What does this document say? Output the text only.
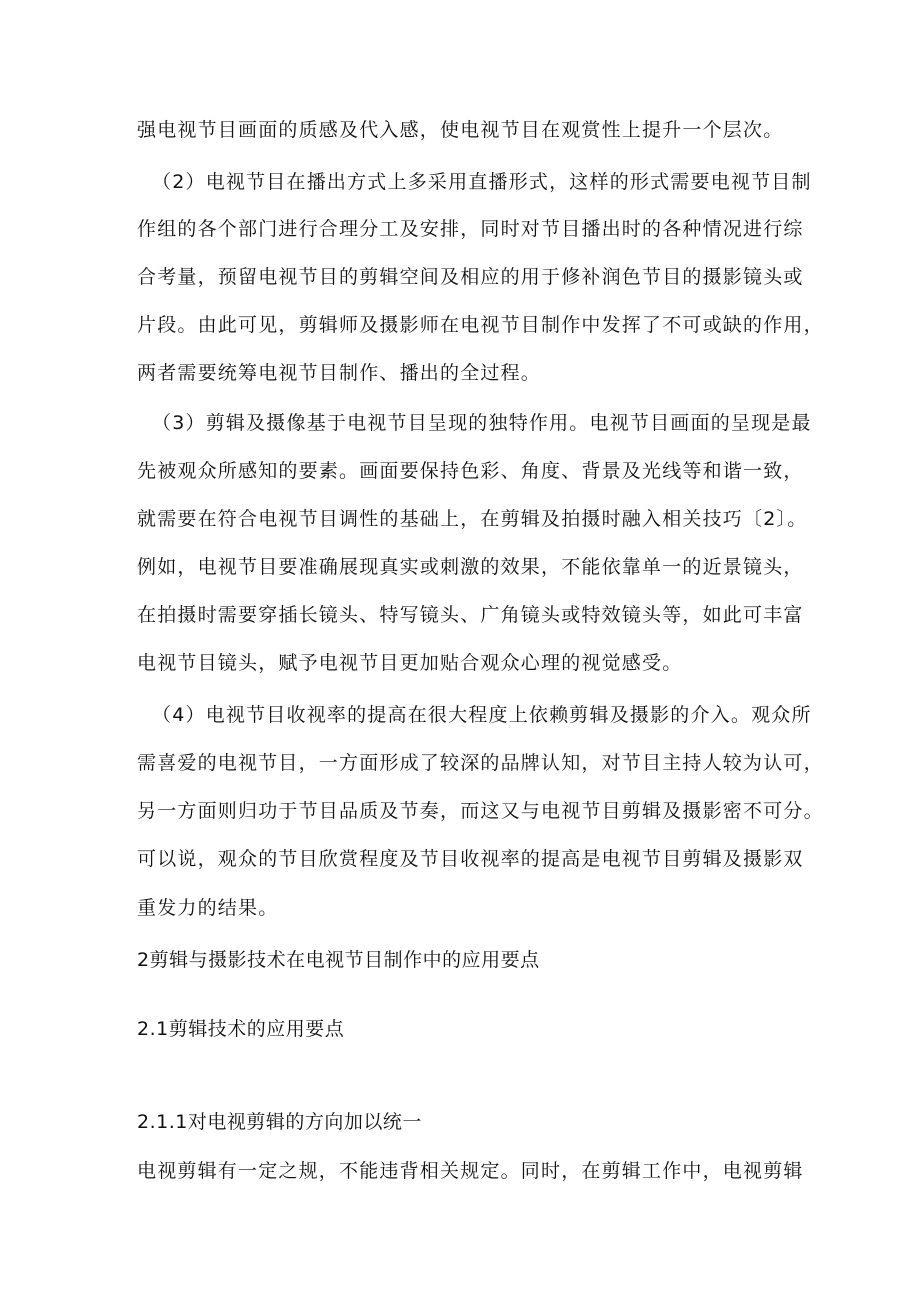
强电视节目画面的质感及代入感，使电视节目在观赏性上提升一个层次。
（2）电视节目在播出方式上多采用直播形式，这样的形式需要电视节目制
作组的各个部门进行合理分工及安排，同时对节目播出时的各种情况进行综
合考量，预留电视节目的剪辑空间及相应的用于修补润色节目的摄影镜头或
片段。由此可见，剪辑师及摄影师在电视节目制作中发挥了不可或缺的作用，
两者需要统筹电视节目制作、播出的全过程。
（3）剪辑及摄像基于电视节目呈现的独特作用。电视节目画面的呈现是最
先被观众所感知的要素。画面要保持色彩、角度、背景及光线等和谐一致，
就需要在符合电视节目调性的基础上，在剪辑及拍摄时融入相关技巧〔2〕。
例如，电视节目要准确展现真实或刺激的效果，不能依靠单一的近景镜头，
在拍摄时需要穿插长镜头、特写镜头、广角镜头或特效镜头等，如此可丰富
电视节目镜头，赋予电视节目更加贴合观众心理的视觉感受。
（4）电视节目收视率的提高在很大程度上依赖剪辑及摄影的介入。观众所
需喜爱的电视节目，一方面形成了较深的品牌认知，对节目主持人较为认可，
另一方面则归功于节目品质及节奏，而这又与电视节目剪辑及摄影密不可分。
可以说，观众的节目欣赏程度及节目收视率的提高是电视节目剪辑及摄影双
重发力的结果。
2剪辑与摄影技术在电视节目制作中的应用要点
2.1剪辑技术的应用要点
2.1.1对电视剪辑的方向加以统一
电视剪辑有一定之规，不能违背相关规定。同时，在剪辑工作中，电视剪辑
